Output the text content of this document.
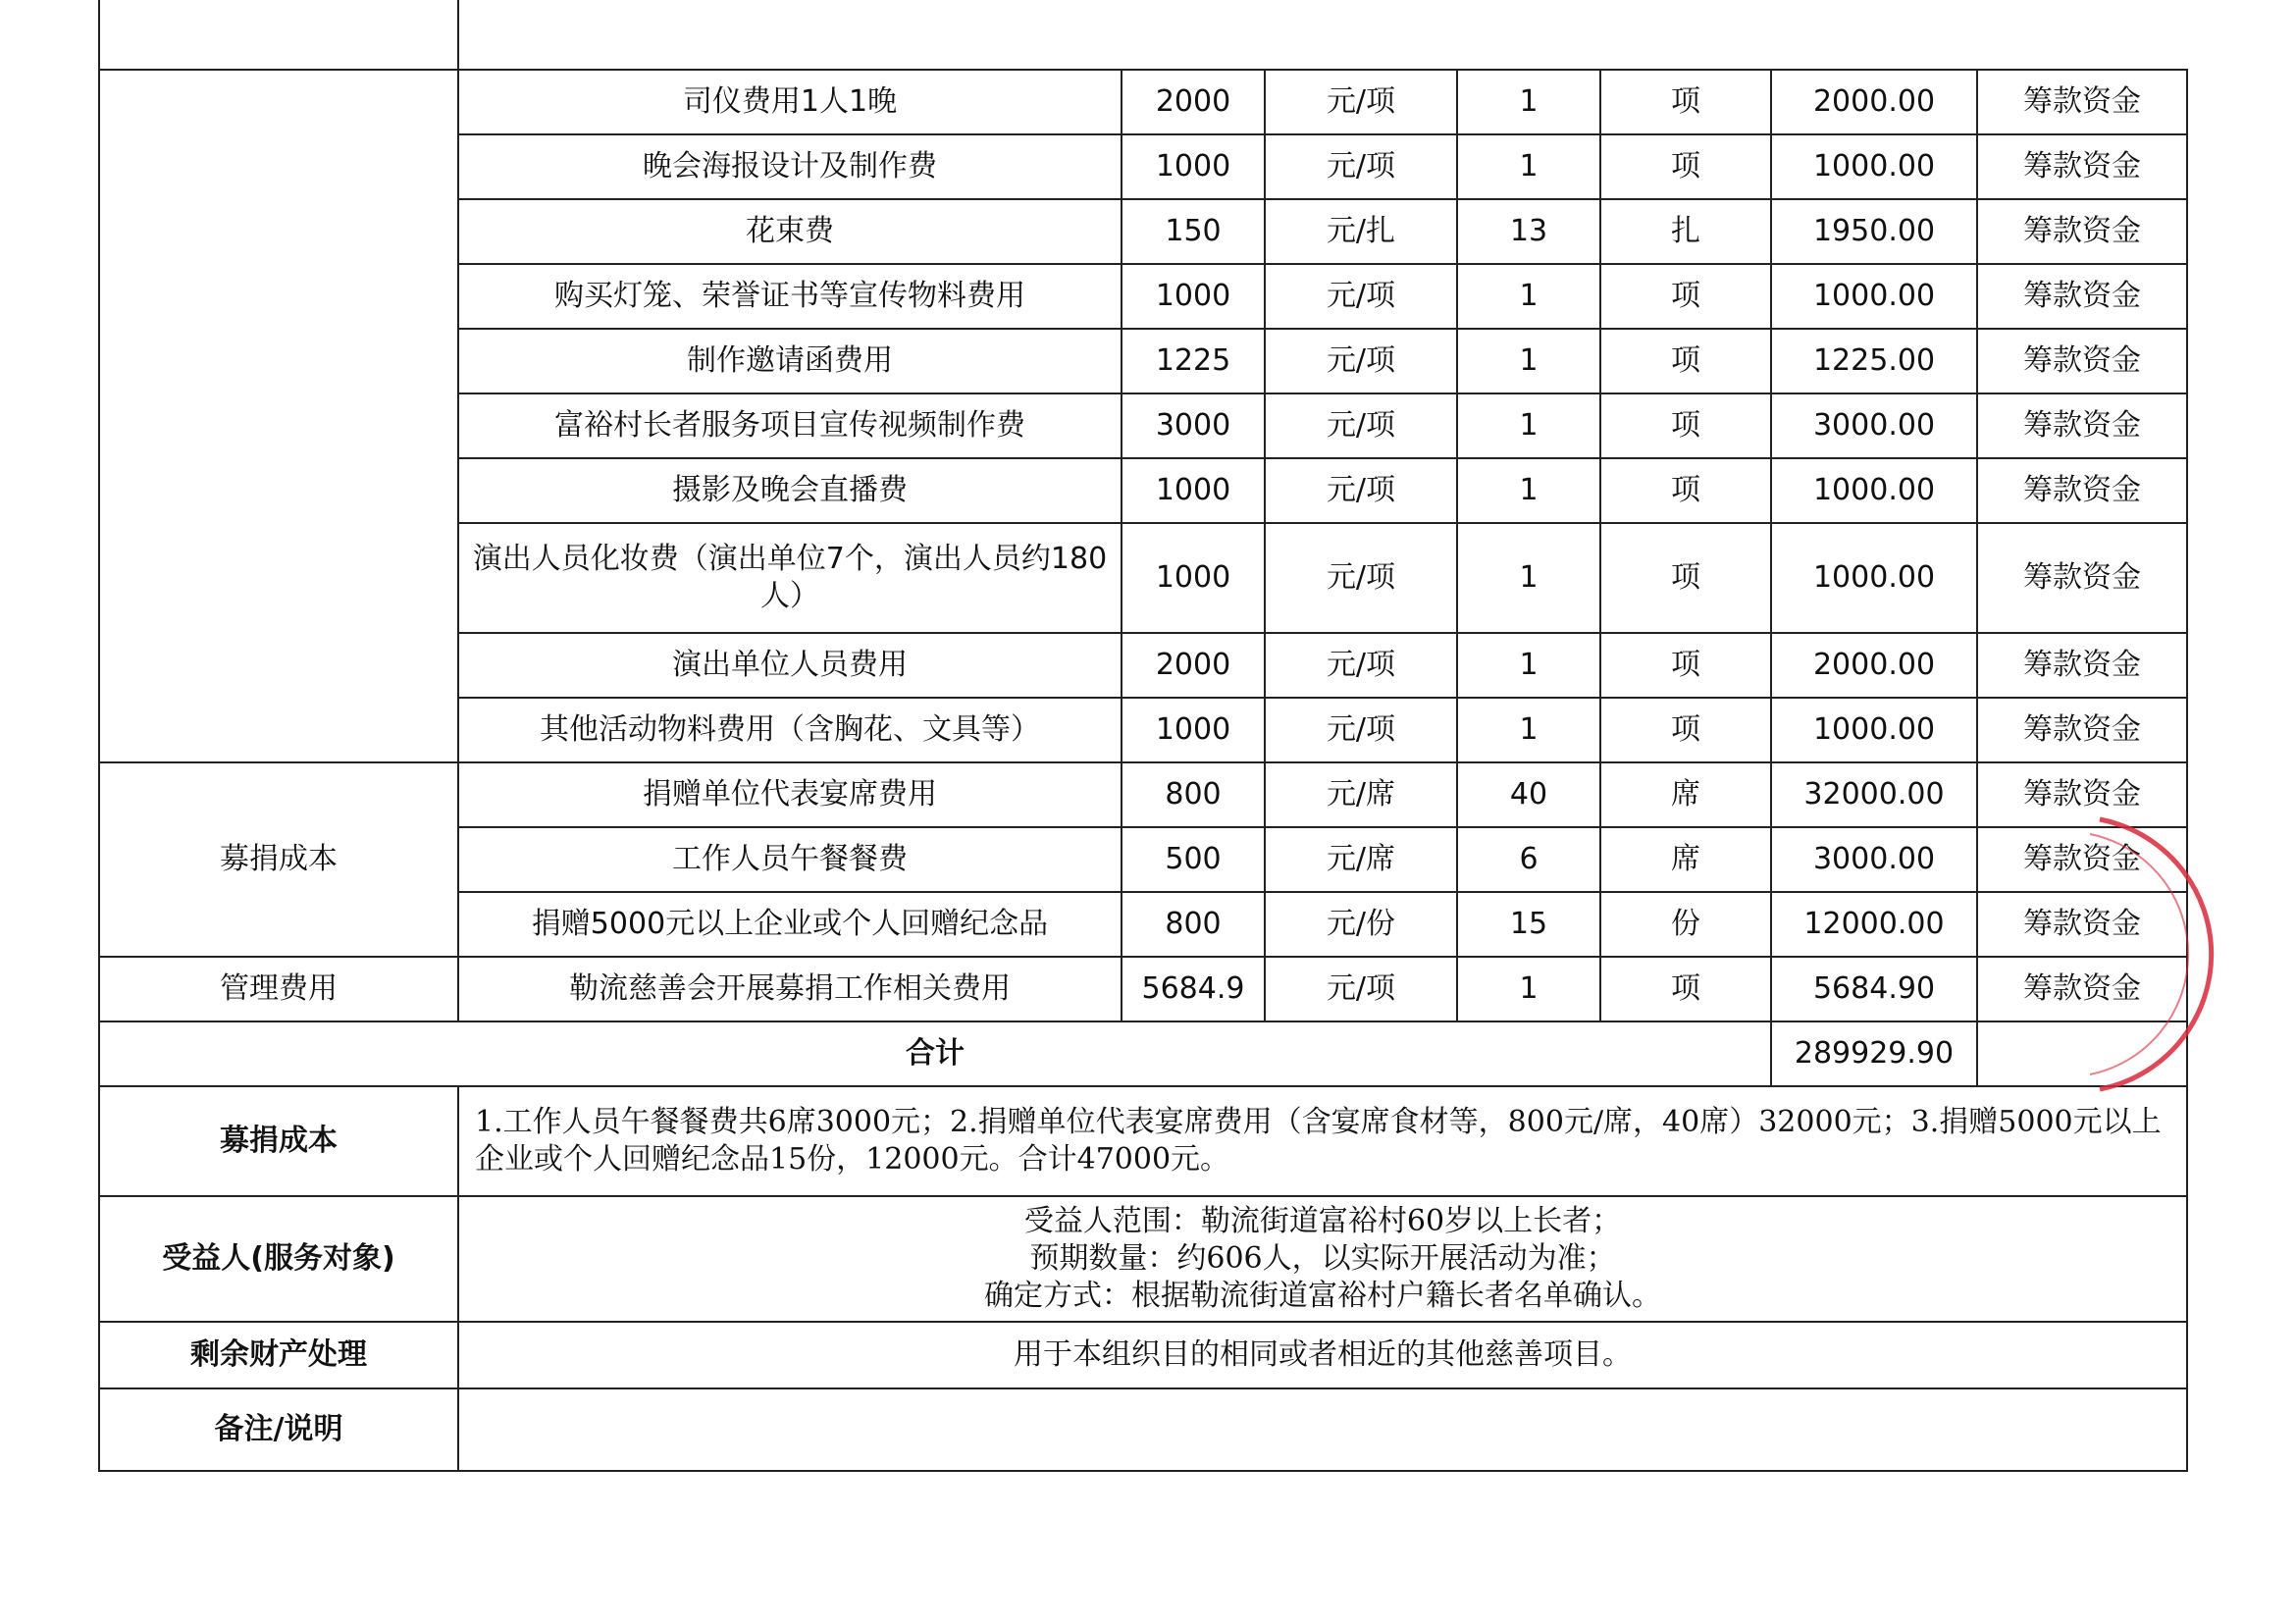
	司仪费用1人1晚	2000	元/项	1	项	2000.00	筹款资金
	晚会海报设计及制作费	1000	元/项	1	项	1000.00	筹款资金
	花束费	150	元/扎	13	扎	1950.00	筹款资金
	购买灯笼、荣誉证书等宣传物料费用	1000	元/项	1	项	1000.00	筹款资金
	制作邀请函费用	1225	元/项	1	项	1225.00	筹款资金
	富裕村长者服务项目宣传视频制作费	3000	元/项	1	项	3000.00	筹款资金
	摄影及晚会直播费	1000	元/项	1	项	1000.00	筹款资金
	演出人员化妆费（演出单位7个，演出人员约180人）	1000	元/项	1	项	1000.00	筹款资金
	演出单位人员费用	2000	元/项	1	项	2000.00	筹款资金
	其他活动物料费用（含胸花、文具等）	1000	元/项	1	项	1000.00	筹款资金
募捐成本	捐赠单位代表宴席费用	800	元/席	40	席	32000.00	筹款资金
	工作人员午餐餐费	500	元/席	6	席	3000.00	筹款资金
	捐赠5000元以上企业或个人回赠纪念品	800	元/份	15	份	12000.00	筹款资金
管理费用	勒流慈善会开展募捐工作相关费用	5684.9	元/项	1	项	5684.90	筹款资金
合计						289929.90	
募捐成本	1.工作人员午餐餐费共6席3000元；2.捐赠单位代表宴席费用（含宴席食材等，800元/席，40席）32000元；3.捐赠5000元以上企业或个人回赠纪念品15份，12000元。合计47000元。						
受益人(服务对象)	受益人范围：勒流街道富裕村60岁以上长者；
预期数量：约606人，以实际开展活动为准；
确定方式：根据勒流街道富裕村户籍长者名单确认。						

剩余财产处理	用于本组织目的相同或者相近的其他慈善项目。						
备注/说明							
